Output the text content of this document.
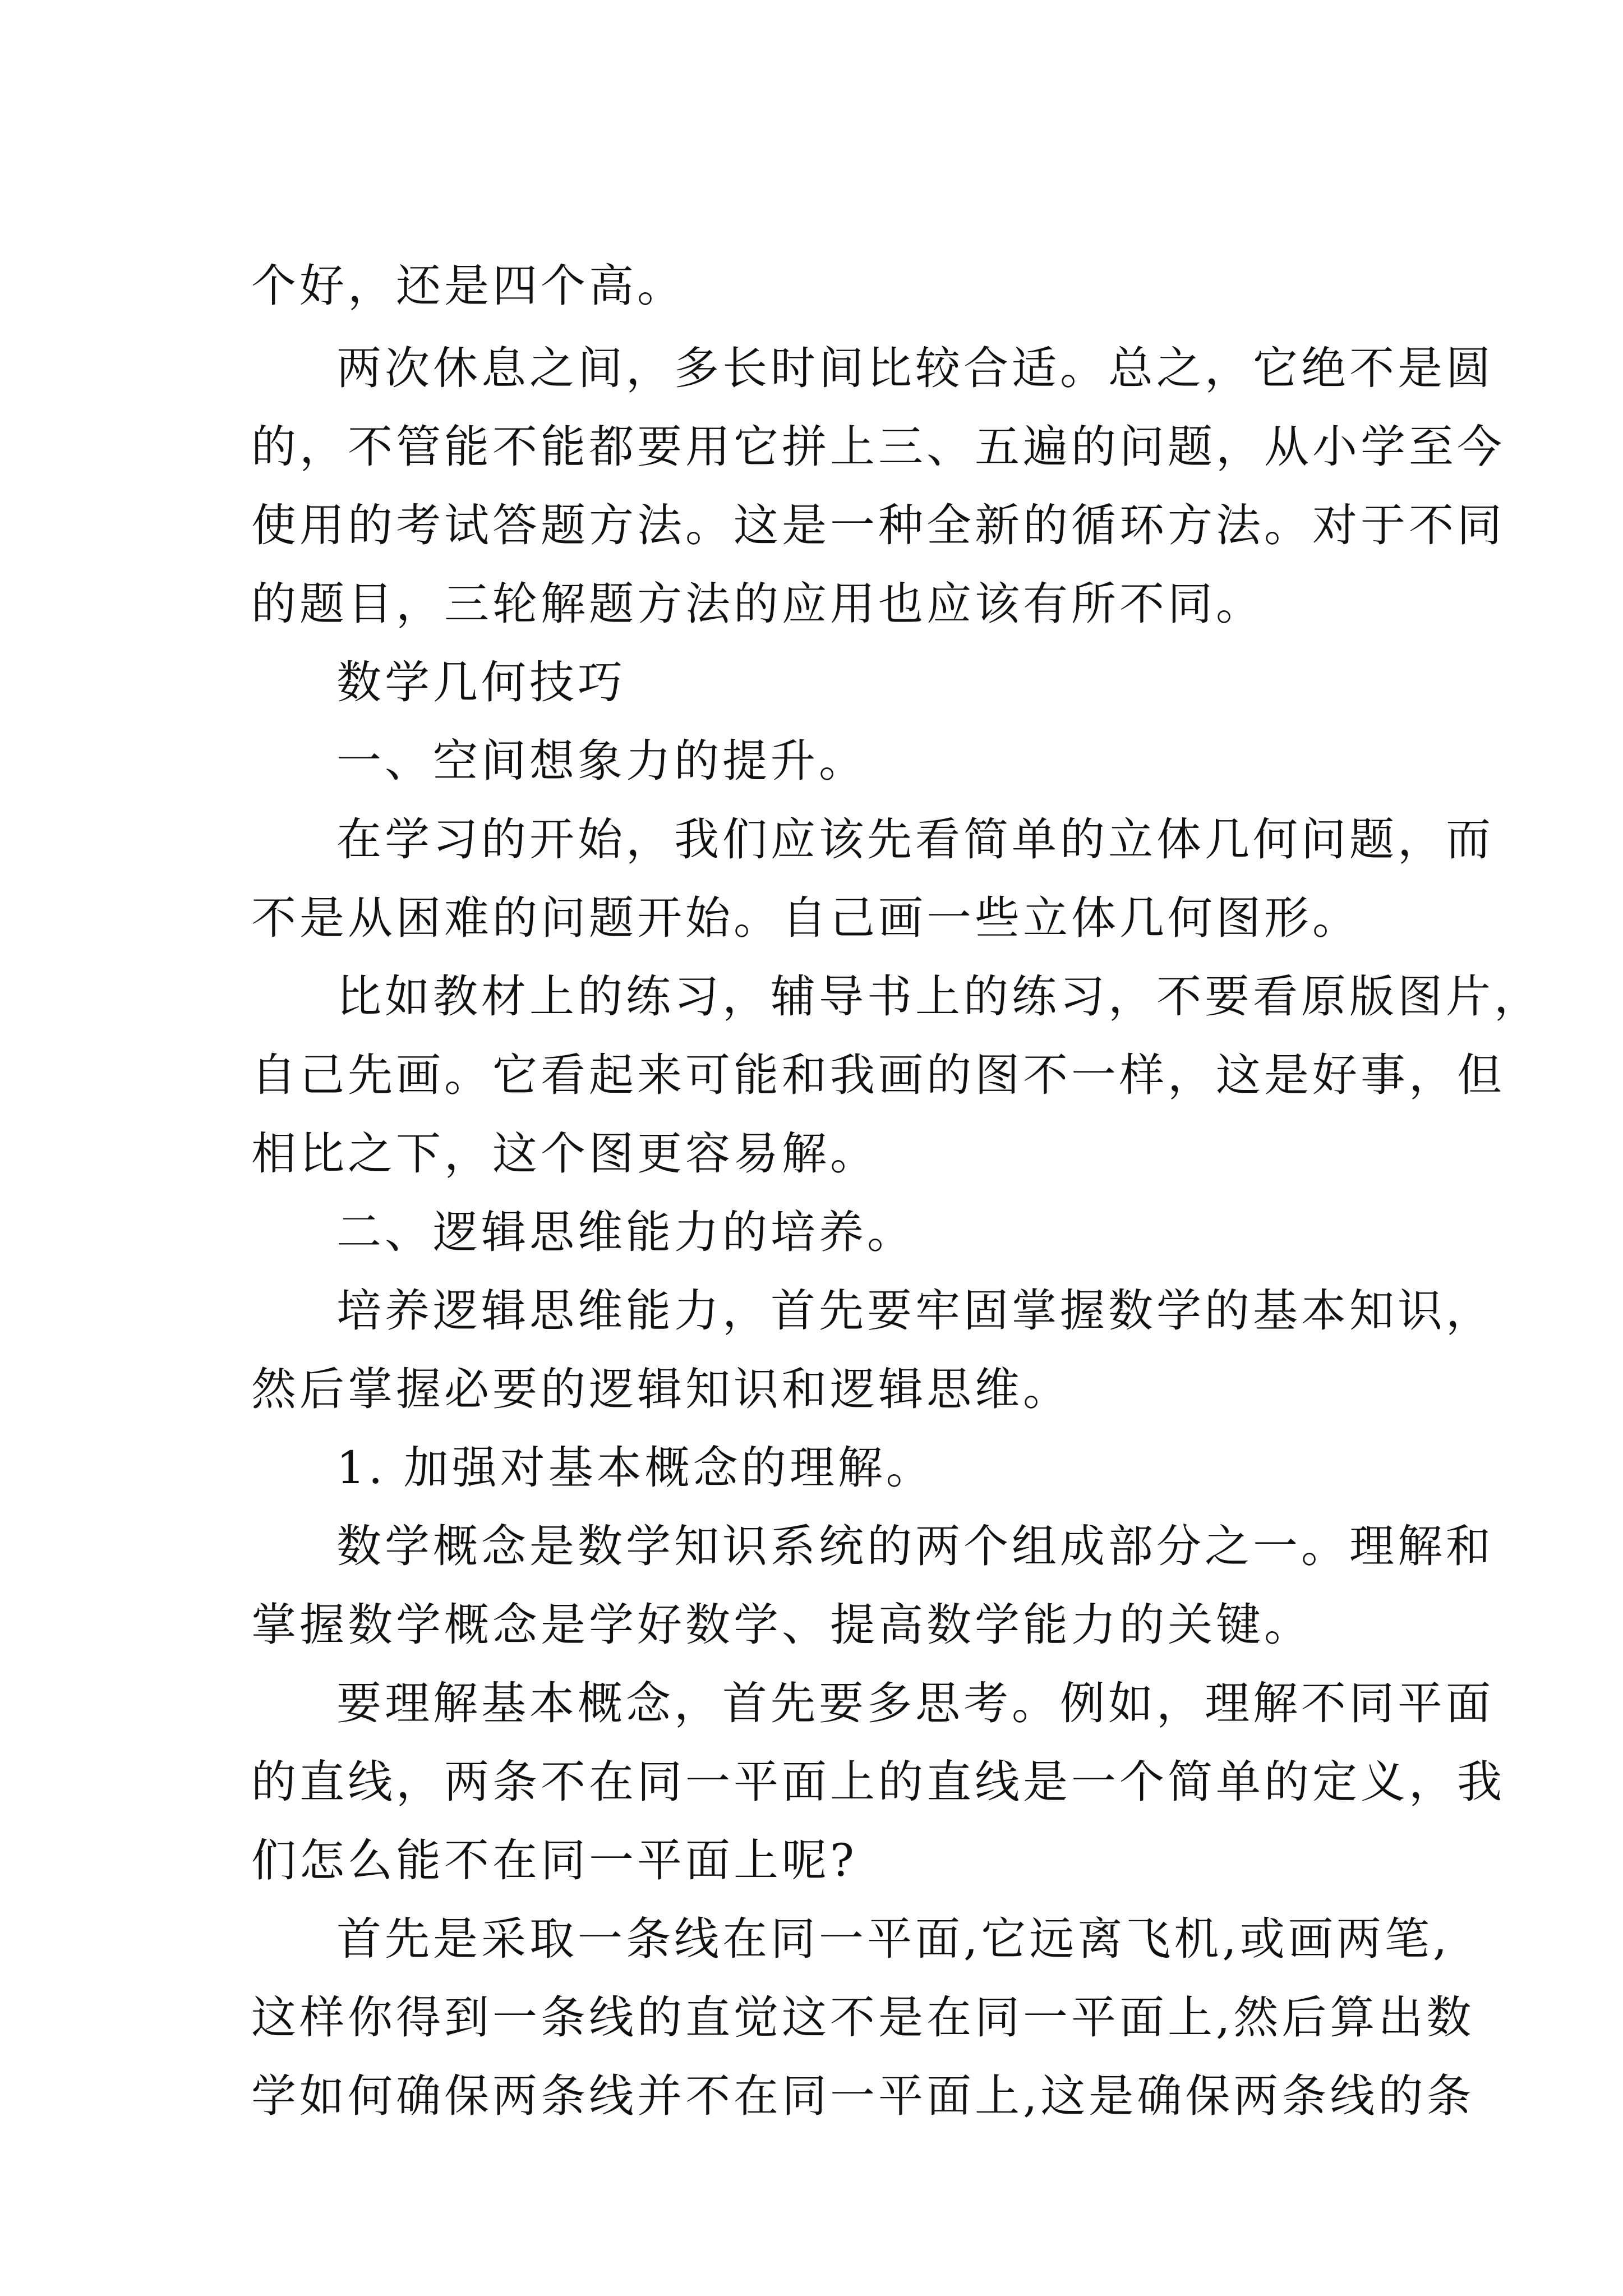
个好，还是四个高。

两次休息之间，多长时间比较合适。总之，它绝不是圆

的，不管能不能都要用它拼上三、五遍的问题，从小学至今

使用的考试答题方法。这是一种全新的循环方法。对于不同

的题目，三轮解题方法的应用也应该有所不同。

数学几何技巧

一、空间想象力的提升。

在学习的开始，我们应该先看简单的立体几何问题，而

不是从困难的问题开始。自己画一些立体几何图形。

比如教材上的练习，辅导书上的练习，不要看原版图片，

自己先画。它看起来可能和我画的图不一样，这是好事，但

相比之下，这个图更容易解。

二、逻辑思维能力的培养。

培养逻辑思维能力，首先要牢固掌握数学的基本知识，

然后掌握必要的逻辑知识和逻辑思维。

1. 加强对基本概念的理解。

数学概念是数学知识系统的两个组成部分之一。理解和

掌握数学概念是学好数学、提高数学能力的关键。

要理解基本概念，首先要多思考。例如，理解不同平面

的直线，两条不在同一平面上的直线是一个简单的定义，我

们怎么能不在同一平面上呢?

首先是采取一条线在同一平面,它远离飞机,或画两笔,

这样你得到一条线的直觉这不是在同一平面上,然后算出数

学如何确保两条线并不在同一平面上,这是确保两条线的条
